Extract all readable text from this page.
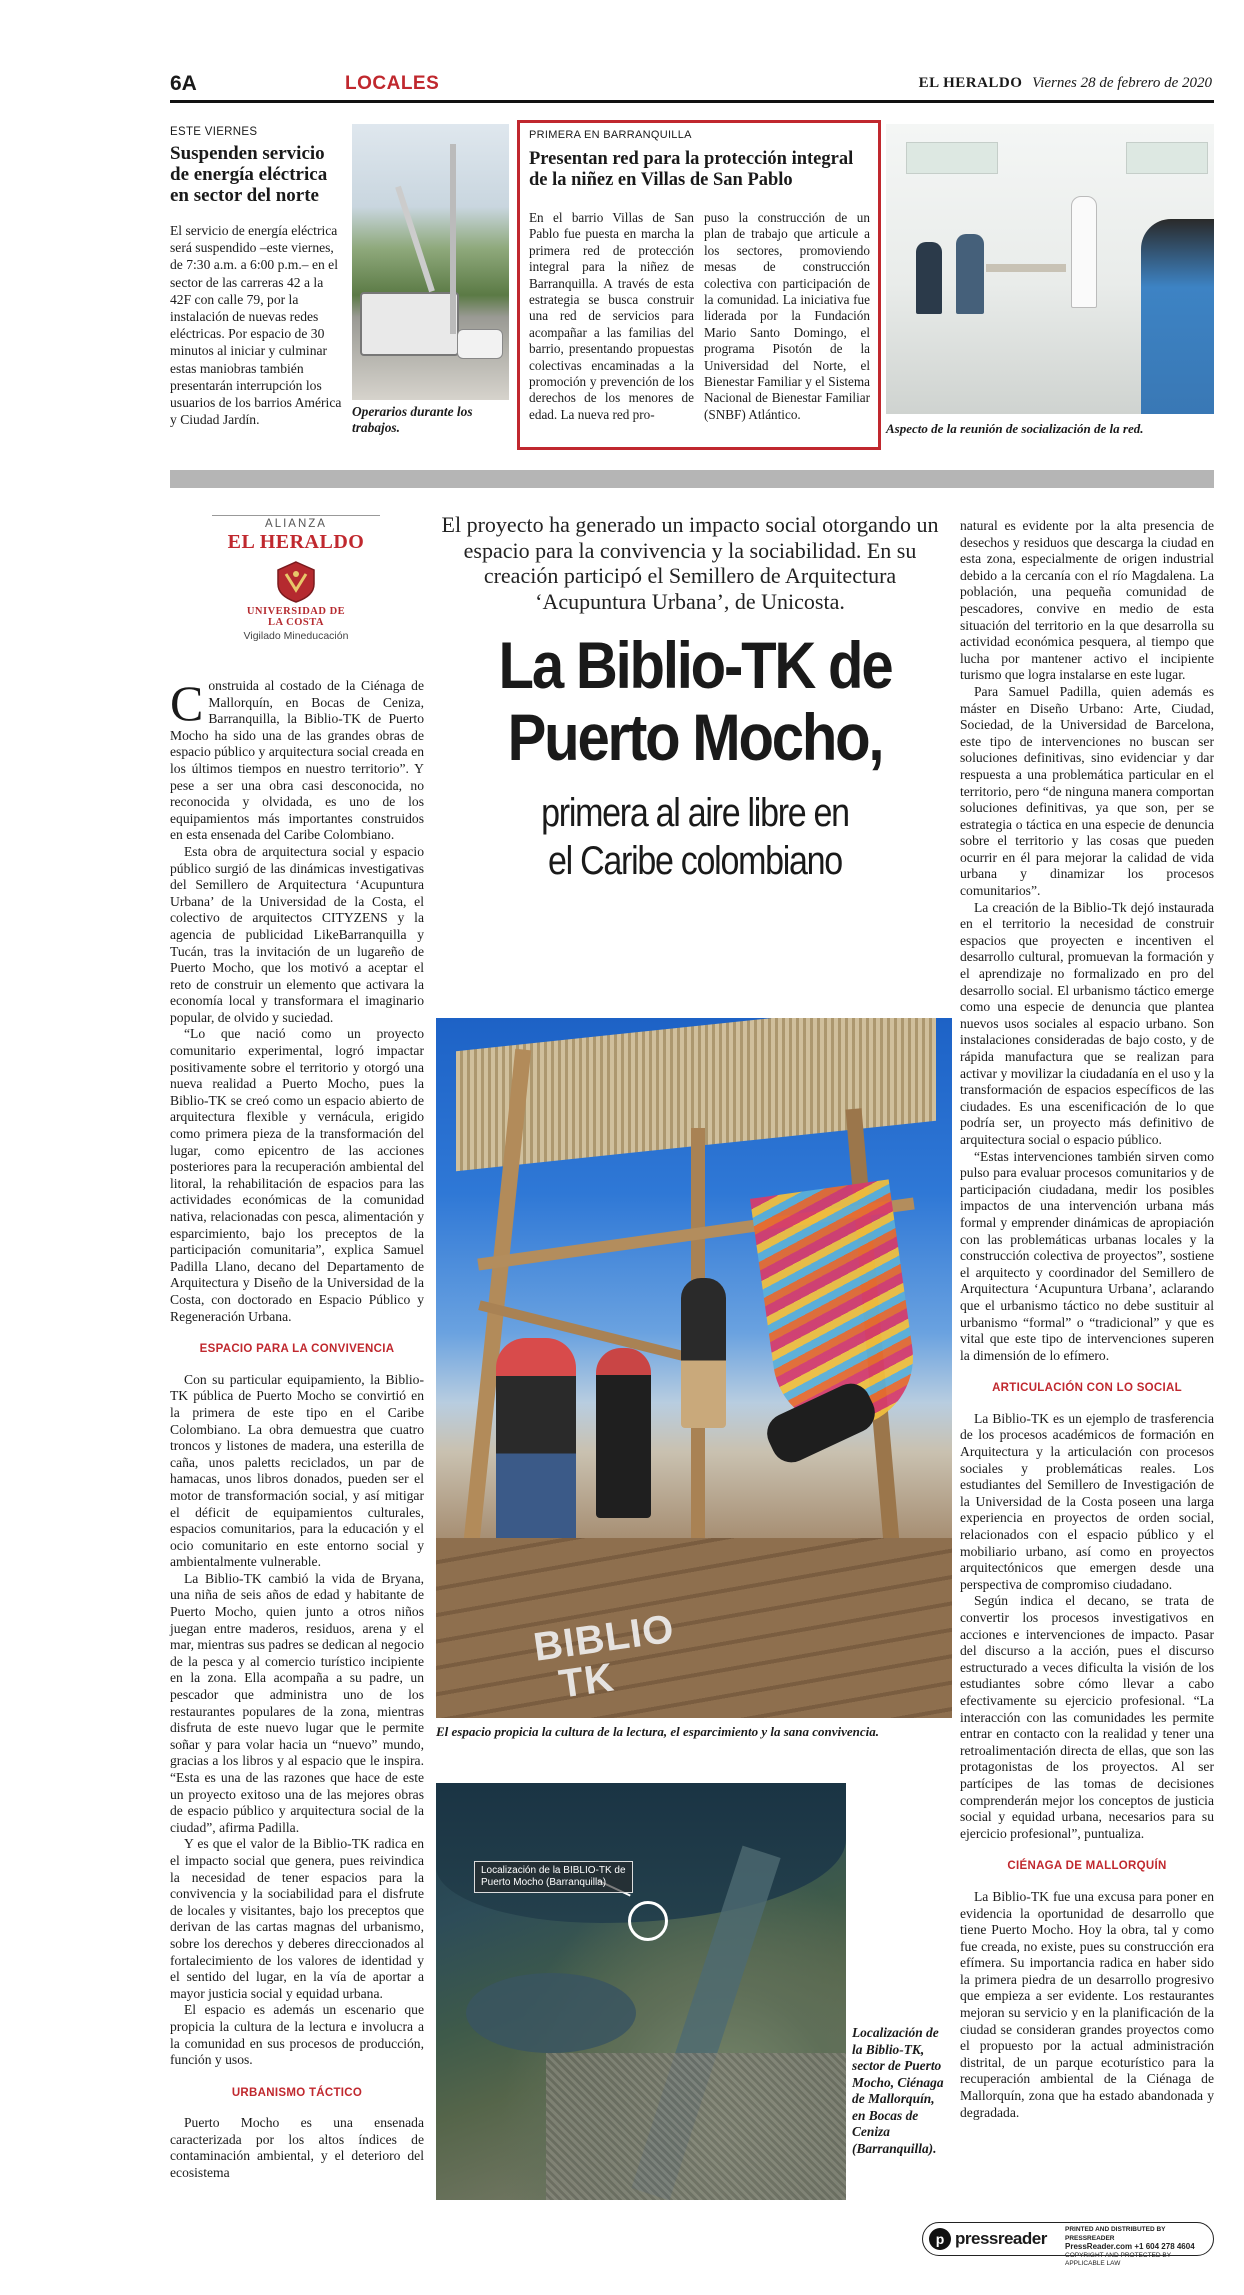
6A	LOCALES	EL HERALDO Viernes 28 de febrero de 2020
ESTE VIERNES
Suspenden servicio de energía eléctrica en sector del norte
El servicio de energía eléctrica será suspendido –este viernes, de 7:30 a.m. a 6:00 p.m.– en el sector de las carreras 42 a la 42F con calle 79, por la instalación de nuevas redes eléctricas. Por espacio de 30 minutos al iniciar y culminar estas maniobras también presentarán interrupción los usuarios de los barrios América y Ciudad Jardín.
Operarios durante los trabajos.
PRIMERA EN BARRANQUILLA
Presentan red para la protección integral de la niñez en Villas de San Pablo
En el barrio Villas de San Pablo fue puesta en marcha la primera red de protección integral para la niñez de Barranquilla. A través de esta estrategia se busca construir una red de servicios para acompañar a las familias del barrio, presentando propuestas colectivas encaminadas a la promoción y prevención de los derechos de los menores de edad. La nueva red pro-
puso la construcción de un plan de trabajo que articule a los sectores, promoviendo mesas de construcción colectiva con participación de la comunidad. La iniciativa fue liderada por la Fundación Mario Santo Domingo, el programa Pisotón de la Universidad del Norte, el Bienestar Familiar y el Sistema Nacional de Bienestar Familiar (SNBF) Atlántico.
Aspecto de la reunión de socialización de la red.
ALIANZA
EL HERALDO
UNIVERSIDAD DE LA COSTA
Vigilado Mineducación
El proyecto ha generado un impacto social otorgando un espacio para la convivencia y la sociabilidad. En su creación participó el Semillero de Arquitectura ‘Acupuntura Urbana’, de Unicosta.
La Biblio-TK de
Puerto Mocho,
primera al aire libre en
el Caribe colombiano
C onstruida al costado de la Ciénaga de Mallorquín, en Bocas de Ceniza, Barranquilla, la Biblio-TK de Puerto Mocho ha sido una de las grandes obras de espacio público y arquitectura social creada en los últimos tiempos en nuestro territorio”. Y pese a ser una obra casi desconocida, no reconocida y olvidada, es uno de los equipamientos más importantes construidos en esta ensenada del Caribe Colombiano.

Esta obra de arquitectura social y espacio público surgió de las dinámicas investigativas del Semillero de Arquitectura ‘Acupuntura Urbana’ de la Universidad de la Costa, el colectivo de arquitectos CITYZENS y la agencia de publicidad LikeBarranquilla y Tucán, tras la invitación de un lugareño de Puerto Mocho, que los motivó a aceptar el reto de construir un elemento que activara la economía local y transformara el imaginario popular, de olvido y suciedad.

“Lo que nació como un proyecto comunitario experimental, logró impactar positivamente sobre el territorio y otorgó una nueva realidad a Puerto Mocho, pues la Biblio-TK se creó como un espacio abierto de arquitectura flexible y vernácula, erigido como primera pieza de la transformación del lugar, como epicentro de las acciones posteriores para la recuperación ambiental del litoral, la rehabilitación de espacios para las actividades económicas de la comunidad nativa, relacionadas con pesca, alimentación y esparcimiento, bajo los preceptos de la participación comunitaria”, explica Samuel Padilla Llano, decano del Departamento de Arquitectura y Diseño de la Universidad de la Costa, con doctorado en Espacio Público y Regeneración Urbana.

ESPACIO PARA LA CONVIVENCIA

Con su particular equipamiento, la Biblio-TK pública de Puerto Mocho se convirtió en la primera de este tipo en el Caribe Colombiano. La obra demuestra que cuatro troncos y listones de madera, una esterilla de caña, unos paletts reciclados, un par de hamacas, unos libros donados, pueden ser el motor de transformación social, y así mitigar el déficit de equipamientos culturales, espacios comunitarios, para la educación y el ocio comunitario en este entorno social y ambientalmente vulnerable.

La Biblio-TK cambió la vida de Bryana, una niña de seis años de edad y habitante de Puerto Mocho, quien junto a otros niños juegan entre maderos, residuos, arena y el mar, mientras sus padres se dedican al negocio de la pesca y al comercio turístico incipiente en la zona. Ella acompaña a su padre, un pescador que administra uno de los restaurantes populares de la zona, mientras disfruta de este nuevo lugar que le permite soñar y para volar hacia un “nuevo” mundo, gracias a los libros y al espacio que le inspira. “Esta es una de las razones que hace de este un proyecto exitoso una de las mejores obras de espacio público y arquitectura social de la ciudad”, afirma Padilla.

Y es que el valor de la Biblio-TK radica en el impacto social que genera, pues reivindica la necesidad de tener espacios para la convivencia y la sociabilidad para el disfrute de locales y visitantes, bajo los preceptos que derivan de las cartas magnas del urbanismo, sobre los derechos y deberes direccionados al fortalecimiento de los valores de identidad y el sentido del lugar, en la vía de aportar a mayor justicia social y equidad urbana.

El espacio es además un escenario que propicia la cultura de la lectura e involucra a la comunidad en sus procesos de producción, función y usos.

URBANISMO TÁCTICO

Puerto Mocho es una ensenada caracterizada por los altos índices de contaminación ambiental, y el deterioro del ecosistema

BIBLIO
TK
El espacio propicia la cultura de la lectura, el esparcimiento y la sana convivencia.
Localización de la BIBLIO-TK de
Puerto Mocho (Barranquilla)
Localización de la Biblio-TK, sector de Puerto Mocho, Ciénaga de Mallorquín, en Bocas de Ceniza (Barranquilla).
natural es evidente por la alta presencia de desechos y residuos que descarga la ciudad en esta zona, especialmente de origen industrial debido a la cercanía con el río Magdalena. La población, una pequeña comunidad de pescadores, convive en medio de esta situación del territorio en la que desarrolla su actividad económica pesquera, al tiempo que lucha por mantener activo el incipiente turismo que logra instalarse en este lugar.

Para Samuel Padilla, quien además es máster en Diseño Urbano: Arte, Ciudad, Sociedad, de la Universidad de Barcelona, este tipo de intervenciones no buscan ser soluciones definitivas, sino evidenciar y dar respuesta a una problemática particular en el territorio, pero “de ninguna manera comportan soluciones definitivas, ya que son, per se estrategia o táctica en una especie de denuncia sobre el territorio y las cosas que pueden ocurrir en él para mejorar la calidad de vida urbana y dinamizar los procesos comunitarios”.

La creación de la Biblio-Tk dejó instaurada en el territorio la necesidad de construir espacios que proyecten e incentiven el desarrollo cultural, promuevan la formación y el aprendizaje no formalizado en pro del desarrollo social. El urbanismo táctico emerge como una especie de denuncia que plantea nuevos usos sociales al espacio urbano. Son instalaciones consideradas de bajo costo, y de rápida manufactura que se realizan para activar y movilizar la ciudadanía en el uso y la transformación de espacios específicos de las ciudades. Es una escenificación de lo que podría ser, un proyecto más definitivo de arquitectura social o espacio público.

“Estas intervenciones también sirven como pulso para evaluar procesos comunitarios y de participación ciudadana, medir los posibles impactos de una intervención urbana más formal y emprender dinámicas de apropiación con las problemáticas urbanas locales y la construcción colectiva de proyectos”, sostiene el arquitecto y coordinador del Semillero de Arquitectura ‘Acupuntura Urbana’, aclarando que el urbanismo táctico no debe sustituir al urbanismo “formal” o “tradicional” y que es vital que este tipo de intervenciones superen la dimensión de lo efímero.

ARTICULACIÓN CON LO SOCIAL

La Biblio-TK es un ejemplo de trasferencia de los procesos académicos de formación en Arquitectura y la articulación con procesos sociales y problemáticas reales. Los estudiantes del Semillero de Investigación de la Universidad de la Costa poseen una larga experiencia en proyectos de orden social, relacionados con el espacio público y el mobiliario urbano, así como en proyectos arquitectónicos que emergen desde una perspectiva de compromiso ciudadano.

Según indica el decano, se trata de convertir los procesos investigativos en acciones e intervenciones de impacto. Pasar del discurso a la acción, pues el discurso estructurado a veces dificulta la visión de los estudiantes sobre cómo llevar a cabo efectivamente su ejercicio profesional. “La interacción con las comunidades les permite entrar en contacto con la realidad y tener una retroalimentación directa de ellas, que son las protagonistas de los proyectos. Al ser partícipes de las tomas de decisiones comprenderán mejor los conceptos de justicia social y equidad urbana, necesarios para su ejercicio profesional”, puntualiza.

CIÉNAGA DE MALLORQUÍN

La Biblio-TK fue una excusa para poner en evidencia la oportunidad de desarrollo que tiene Puerto Mocho. Hoy la obra, tal y como fue creada, no existe, pues su construcción era efímera. Su importancia radica en haber sido la primera piedra de un desarrollo progresivo que empieza a ser evidente. Los restaurantes mejoran su servicio y en la planificación de la ciudad se consideran grandes proyectos como el propuesto por la actual administración distrital, de un parque ecoturístico para la recuperación ambiental de la Ciénaga de Mallorquín, zona que ha estado abandonada y degradada.

p pressreader	PRINTED AND DISTRIBUTED BY PRESSREADER
PressReader.com +1 604 278 4604
COPYRIGHT AND PROTECTED BY APPLICABLE LAW
